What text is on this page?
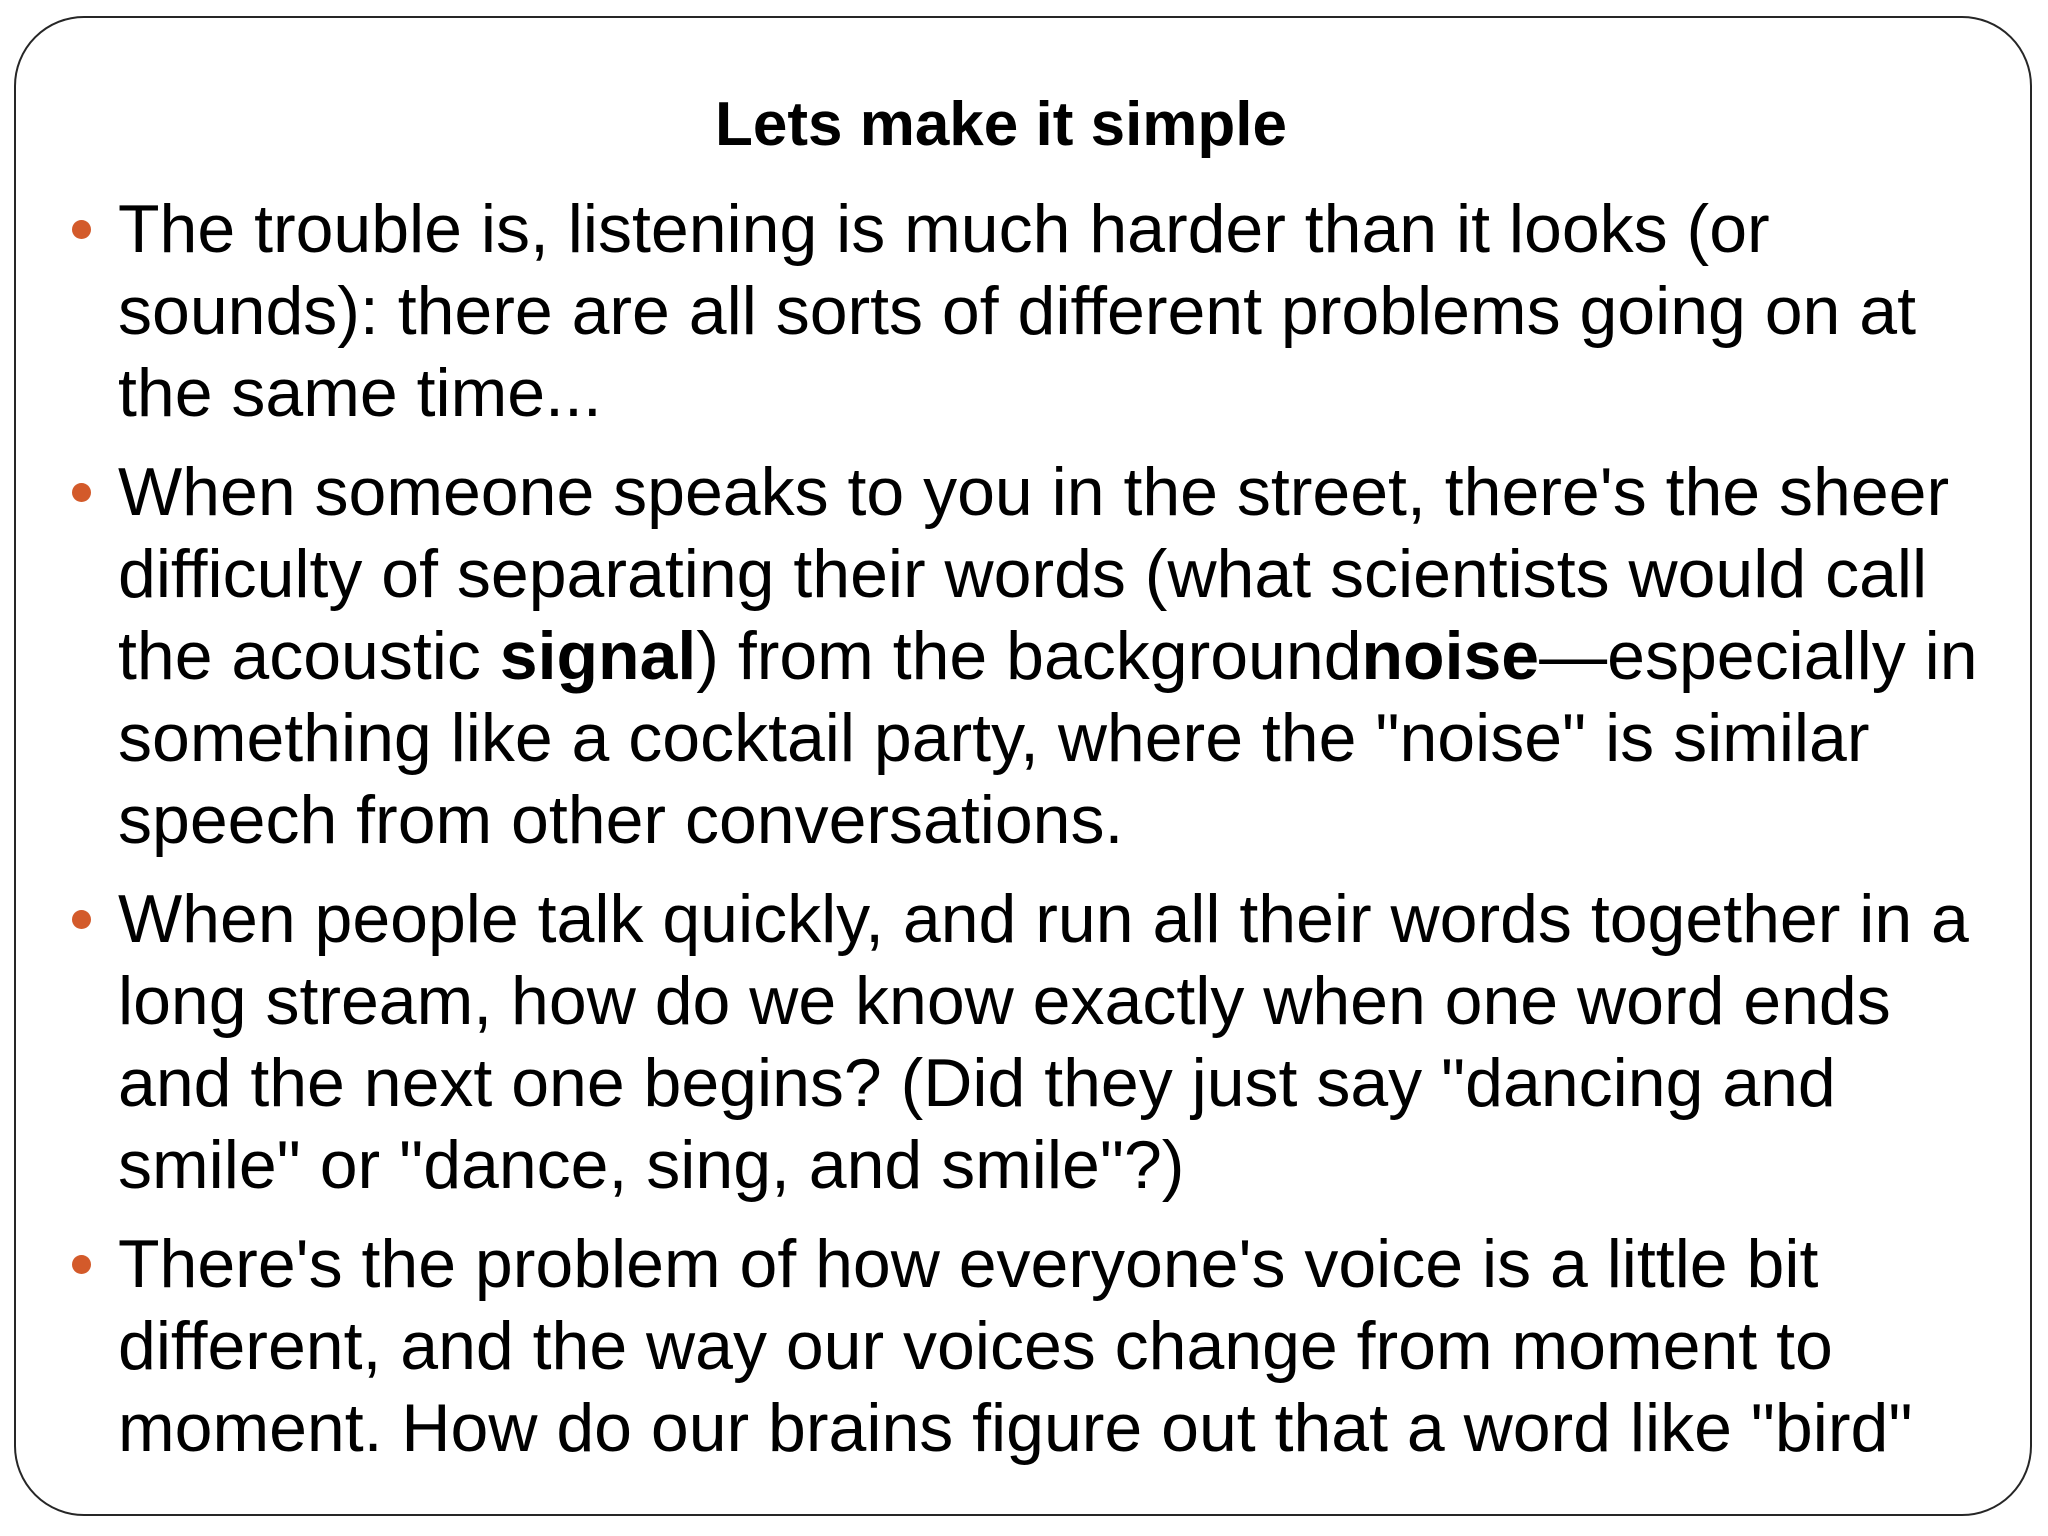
Lets make it simple
The trouble is, listening is much harder than it looks (or sounds): there are all sorts of different problems going on at the same time...
When someone speaks to you in the street, there's the sheer difficulty of separating their words (what scientists would call the acoustic signal) from the backgroundnoise—especially in something like a cocktail party, where the "noise" is similar speech from other conversations.
When people talk quickly, and run all their words together in a long stream, how do we know exactly when one word ends and the next one begins? (Did they just say "dancing and smile" or "dance, sing, and smile"?)
There's the problem of how everyone's voice is a little bit different, and the way our voices change from moment to moment. How do our brains figure out that a word like "bird"
